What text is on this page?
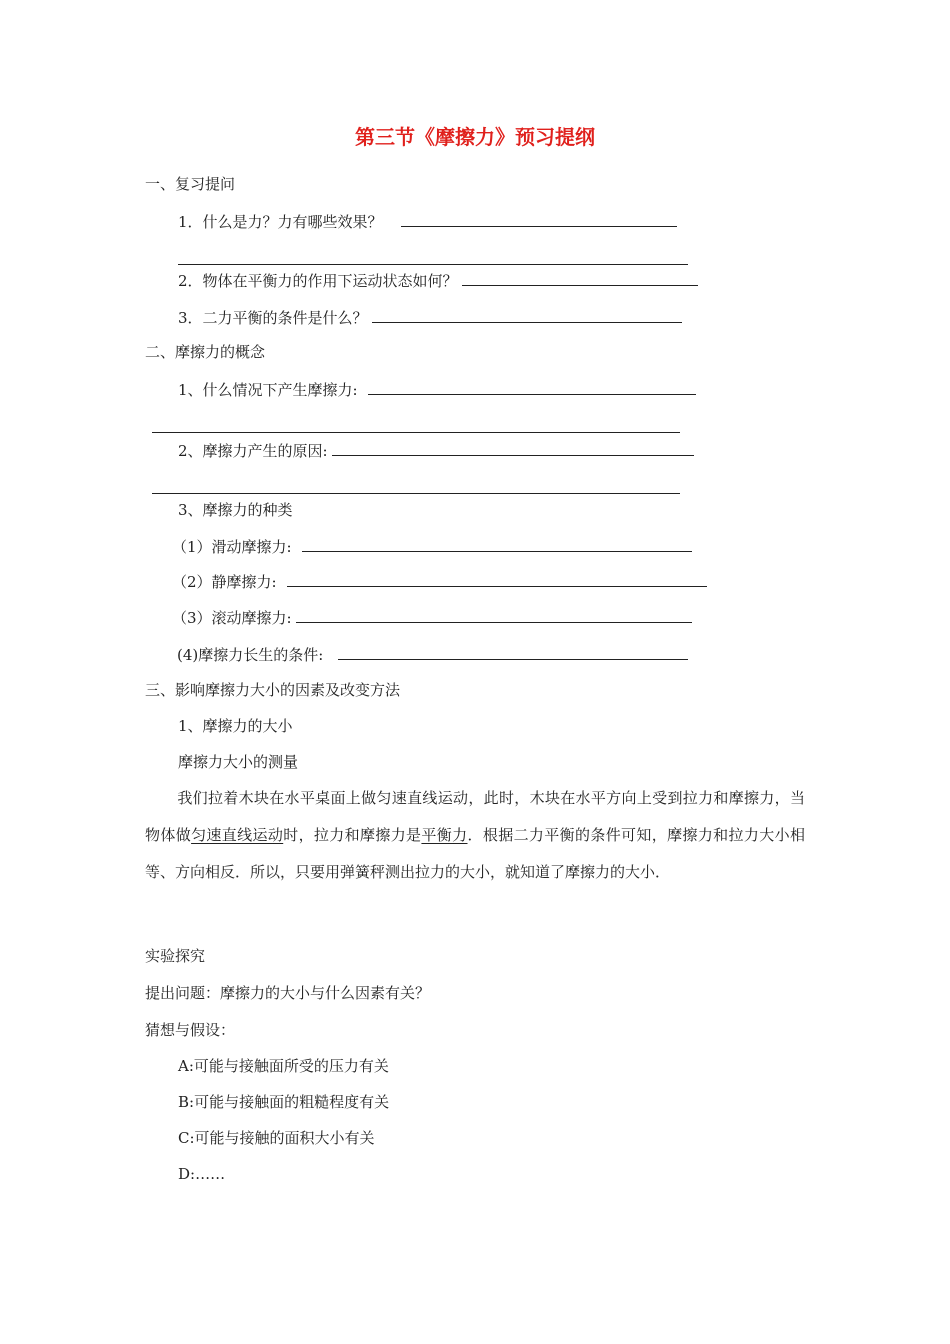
第三节《摩擦力》预习提纲
一、复习提问
1．什么是力？力有哪些效果？
2．物体在平衡力的作用下运动状态如何？
3．二力平衡的条件是什么？
二、摩擦力的概念
1、什么情况下产生摩擦力:
2、摩擦力产生的原因:
3、摩擦力的种类
（1）滑动摩擦力:
（2）静摩擦力:
（3）滚动摩擦力:
(4)摩擦力长生的条件:
三、影响摩擦力大小的因素及改变方法
1、摩擦力的大小
摩擦力大小的测量
我们拉着木块在水平桌面上做匀速直线运动，此时，木块在水平方向上受到拉力和摩擦力，当物体做匀速直线运动时，拉力和摩擦力是平衡力．根据二力平衡的条件可知，摩擦力和拉力大小相等、方向相反．所以，只要用弹簧秤测出拉力的大小，就知道了摩擦力的大小．
实验探究
提出问题：摩擦力的大小与什么因素有关？
猜想与假设：
A:可能与接触面所受的压力有关
B:可能与接触面的粗糙程度有关
C:可能与接触的面积大小有关
D:……
